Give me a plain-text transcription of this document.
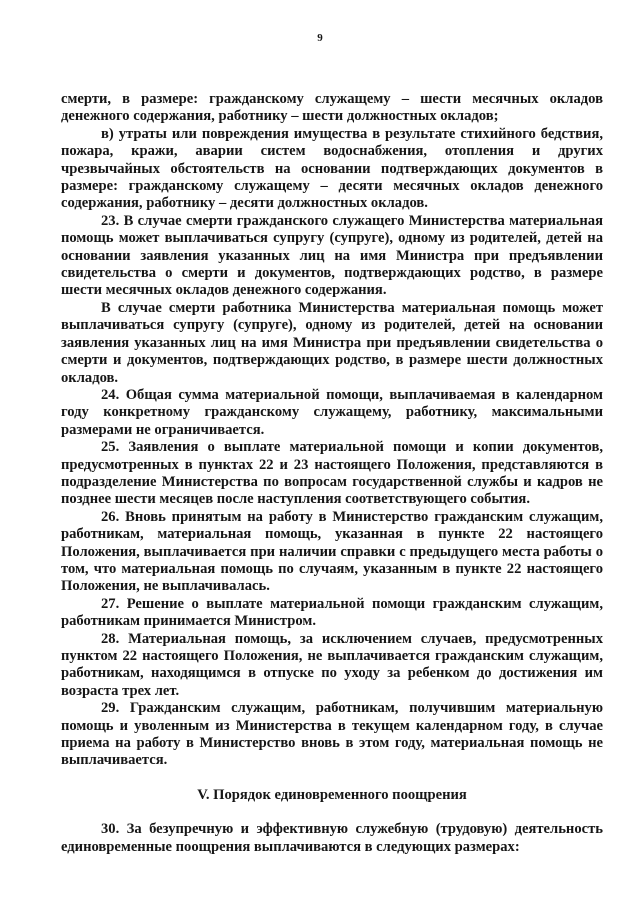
9

смерти, в размере: гражданскому служащему – шести месячных окладов денежного содержания, работнику – шести должностных окладов;

в) утраты или повреждения имущества в результате стихийного бедствия, пожара, кражи, аварии систем водоснабжения, отопления и других чрезвычайных обстоятельств на основании подтверждающих документов в размере: гражданскому служащему – десяти месячных окладов денежного содержания, работнику – десяти должностных окладов.

23. В случае смерти гражданского служащего Министерства материальная помощь может выплачиваться супругу (супруге), одному из родителей, детей на основании заявления указанных лиц на имя Министра при предъявлении свидетельства о смерти и документов, подтверждающих родство, в размере шести месячных окладов денежного содержания.

В случае смерти работника Министерства материальная помощь может выплачиваться супругу (супруге), одному из родителей, детей на основании заявления указанных лиц на имя Министра при предъявлении свидетельства о смерти и документов, подтверждающих родство, в размере шести должностных окладов.

24. Общая сумма материальной помощи, выплачиваемая в календарном году конкретному гражданскому служащему, работнику, максимальными размерами не ограничивается.

25. Заявления о выплате материальной помощи и копии документов, предусмотренных в пунктах 22 и 23 настоящего Положения, представляются в подразделение Министерства по вопросам государственной службы и кадров не позднее шести месяцев после наступления соответствующего события.

26. Вновь принятым на работу в Министерство гражданским служащим, работникам, материальная помощь, указанная в пункте 22 настоящего Положения, выплачивается при наличии справки с предыдущего места работы о том, что материальная помощь по случаям, указанным в пункте 22 настоящего Положения, не выплачивалась.

27. Решение о выплате материальной помощи гражданским служащим, работникам принимается Министром.

28. Материальная помощь, за исключением случаев, предусмотренных пунктом 22 настоящего Положения, не выплачивается гражданским служащим, работникам, находящимся в отпуске по уходу за ребенком до достижения им возраста трех лет.

29. Гражданским служащим, работникам, получившим материальную помощь и уволенным из Министерства в текущем календарном году, в случае приема на работу в Министерство вновь в этом году, материальная помощь не выплачивается.

V. Порядок единовременного поощрения

30. За безупречную и эффективную служебную (трудовую) деятельность единовременные поощрения выплачиваются в следующих размерах:
